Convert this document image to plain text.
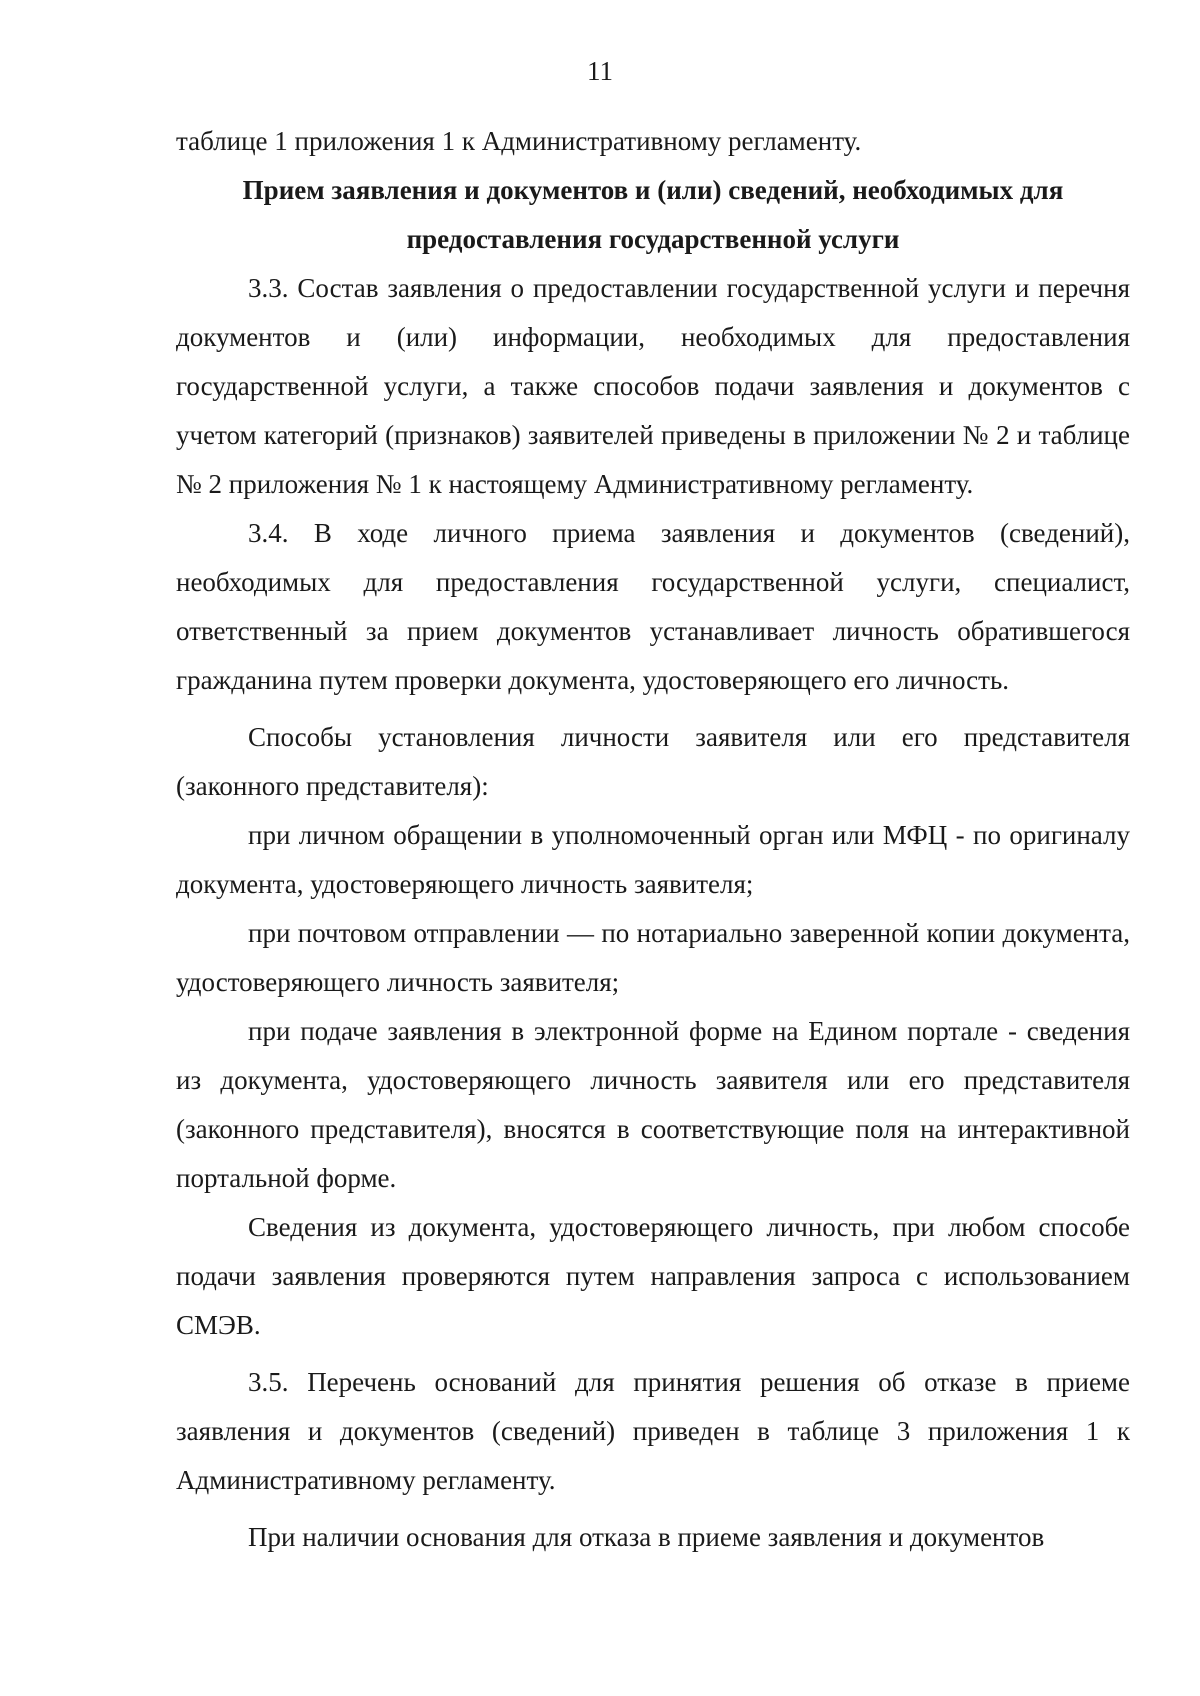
11

таблице 1 приложения 1 к Административному регламенту.

Прием заявления и документов и (или) сведений, необходимых для предоставления государственной услуги

3.3. Состав заявления о предоставлении государственной услуги и перечня документов и (или) информации, необходимых для предоставления государственной услуги, а также способов подачи заявления и документов с учетом категорий (признаков) заявителей приведены в приложении № 2 и таблице № 2 приложения № 1 к настоящему Административному регламенту.

3.4. В ходе личного приема заявления и документов (сведений), необходимых для предоставления государственной услуги, специалист, ответственный за прием документов устанавливает личность обратившегося гражданина путем проверки документа, удостоверяющего его личность.

Способы установления личности заявителя или его представителя (законного представителя):

при личном обращении в уполномоченный орган или МФЦ - по оригиналу документа, удостоверяющего личность заявителя;

при почтовом отправлении — по нотариально заверенной копии документа, удостоверяющего личность заявителя;

при подаче заявления в электронной форме на Едином портале - сведения из документа, удостоверяющего личность заявителя или его представителя (законного представителя), вносятся в соответствующие поля на интерактивной портальной форме.

Сведения из документа, удостоверяющего личность, при любом способе подачи заявления проверяются путем направления запроса с использованием СМЭВ.

3.5. Перечень оснований для принятия решения об отказе в приеме заявления и документов (сведений) приведен в таблице 3 приложения 1 к Административному регламенту.

При наличии основания для отказа в приеме заявления и документов
